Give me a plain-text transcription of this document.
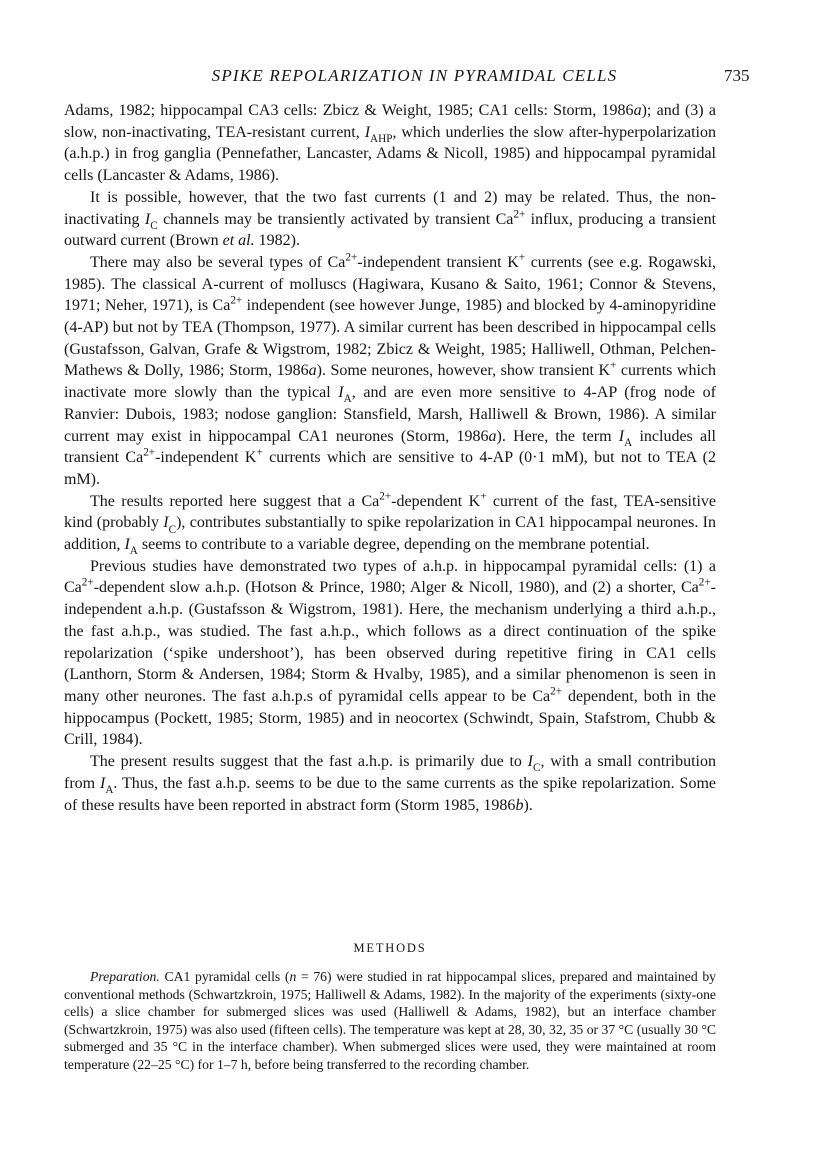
SPIKE REPOLARIZATION IN PYRAMIDAL CELLS	735

Adams, 1982; hippocampal CA3 cells: Zbicz & Weight, 1985; CA1 cells: Storm, 1986a); and (3) a slow, non-inactivating, TEA-resistant current, $I_{AHP}$, which underlies the slow after-hyperpolarization (a.h.p.) in frog ganglia (Pennefather, Lancaster, Adams & Nicoll, 1985) and hippocampal pyramidal cells (Lancaster & Adams, 1986).

It is possible, however, that the two fast currents (1 and 2) may be related. Thus, the non-inactivating $I_C$ channels may be transiently activated by transient $Ca^{2+}$ influx, producing a transient outward current (Brown et al. 1982).

There may also be several types of $Ca^{2+}$-independent transient K+ currents (see e.g. Rogawski, 1985). The classical A-current of molluscs (Hagiwara, Kusano & Saito, 1961; Connor & Stevens, 1971; Neher, 1971), is $Ca^{2+}$ independent (see however Junge, 1985) and blocked by 4-aminopyridine (4-AP) but not by TEA (Thompson, 1977). A similar current has been described in hippocampal cells (Gustafsson, Galvan, Grafe & Wigstrom, 1982; Zbicz & Weight, 1985; Halliwell, Othman, Pelchen-Mathews & Dolly, 1986; Storm, 1986a). Some neurones, however, show transient K+ currents which inactivate more slowly than the typical $I_A$, and are even more sensitive to 4-AP (frog node of Ranvier: Dubois, 1983; nodose ganglion: Stansfield, Marsh, Halliwell & Brown, 1986). A similar current may exist in hippocampal CA1 neurones (Storm, 1986a). Here, the term $I_A$ includes all transient $Ca^{2+}$-independent K+ currents which are sensitive to 4-AP (0·1 mM), but not to TEA (2 mM).

The results reported here suggest that a $Ca^{2+}$-dependent K+ current of the fast, TEA-sensitive kind (probably $I_C$), contributes substantially to spike repolarization in CA1 hippocampal neurones. In addition, $I_A$ seems to contribute to a variable degree, depending on the membrane potential.

Previous studies have demonstrated two types of a.h.p. in hippocampal pyramidal cells: (1) a $Ca^{2+}$-dependent slow a.h.p. (Hotson & Prince, 1980; Alger & Nicoll, 1980), and (2) a shorter, $Ca^{2+}$-independent a.h.p. (Gustafsson & Wigstrom, 1981). Here, the mechanism underlying a third a.h.p., the fast a.h.p., was studied. The fast a.h.p., which follows as a direct continuation of the spike repolarization (‘spike undershoot’), has been observed during repetitive firing in CA1 cells (Lanthorn, Storm & Andersen, 1984; Storm & Hvalby, 1985), and a similar phenomenon is seen in many other neurones. The fast a.h.p.s of pyramidal cells appear to be $Ca^{2+}$ dependent, both in the hippocampus (Pockett, 1985; Storm, 1985) and in neocortex (Schwindt, Spain, Stafstrom, Chubb & Crill, 1984).

The present results suggest that the fast a.h.p. is primarily due to $I_C$, with a small contribution from $I_A$. Thus, the fast a.h.p. seems to be due to the same currents as the spike repolarization. Some of these results have been reported in abstract form (Storm 1985, 1986b).

METHODS

Preparation. CA1 pyramidal cells (n = 76) were studied in rat hippocampal slices, prepared and maintained by conventional methods (Schwartzkroin, 1975; Halliwell & Adams, 1982). In the majority of the experiments (sixty-one cells) a slice chamber for submerged slices was used (Halliwell & Adams, 1982), but an interface chamber (Schwartzkroin, 1975) was also used (fifteen cells). The temperature was kept at 28, 30, 32, 35 or 37 °C (usually 30 °C submerged and 35 °C in the interface chamber). When submerged slices were used, they were maintained at room temperature (22–25 °C) for 1–7 h, before being transferred to the recording chamber.
